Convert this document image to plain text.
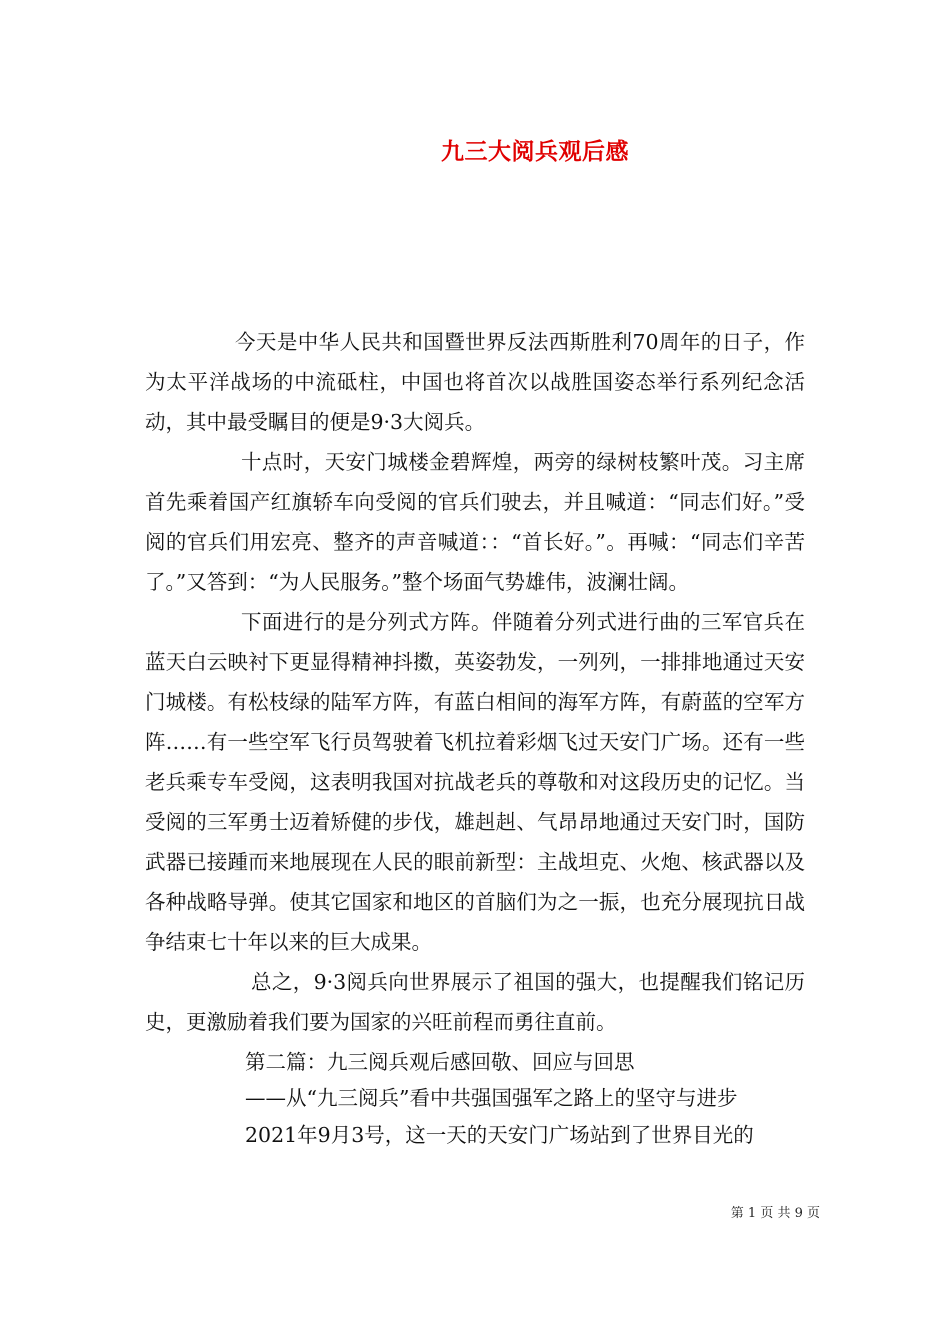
九三大阅兵观后感

今天是中华人民共和国暨世界反法西斯胜利70周年的日子，作为太平洋战场的中流砥柱，中国也将首次以战胜国姿态举行系列纪念活动，其中最受瞩目的便是9·3大阅兵。

十点时，天安门城楼金碧辉煌，两旁的绿树枝繁叶茂。习主席首先乘着国产红旗轿车向受阅的官兵们驶去，并且喊道：“同志们好。”受阅的官兵们用宏亮、整齐的声音喊道：：“首长好。”。再喊：“同志们辛苦了。”又答到：“为人民服务。”整个场面气势雄伟，波澜壮阔。

下面进行的是分列式方阵。伴随着分列式进行曲的三军官兵在蓝天白云映衬下更显得精神抖擞，英姿勃发，一列列，一排排地通过天安门城楼。有松枝绿的陆军方阵，有蓝白相间的海军方阵，有蔚蓝的空军方阵……有一些空军飞行员驾驶着飞机拉着彩烟飞过天安门广场。还有一些老兵乘专车受阅，这表明我国对抗战老兵的尊敬和对这段历史的记忆。当受阅的三军勇士迈着矫健的步伐，雄赳赳、气昂昂地通过天安门时，国防武器已接踵而来地展现在人民的眼前新型：主战坦克、火炮、核武器以及各种战略导弹。使其它国家和地区的首脑们为之一振，也充分展现抗日战争结束七十年以来的巨大成果。

总之，9·3阅兵向世界展示了祖国的强大，也提醒我们铭记历史，更激励着我们要为国家的兴旺前程而勇往直前。

第二篇：九三阅兵观后感回敬、回应与回思

——从“九三阅兵”看中共强国强军之路上的坚守与进步

2021年9月3号，这一天的天安门广场站到了世界目光的

第 1 页 共 9 页
